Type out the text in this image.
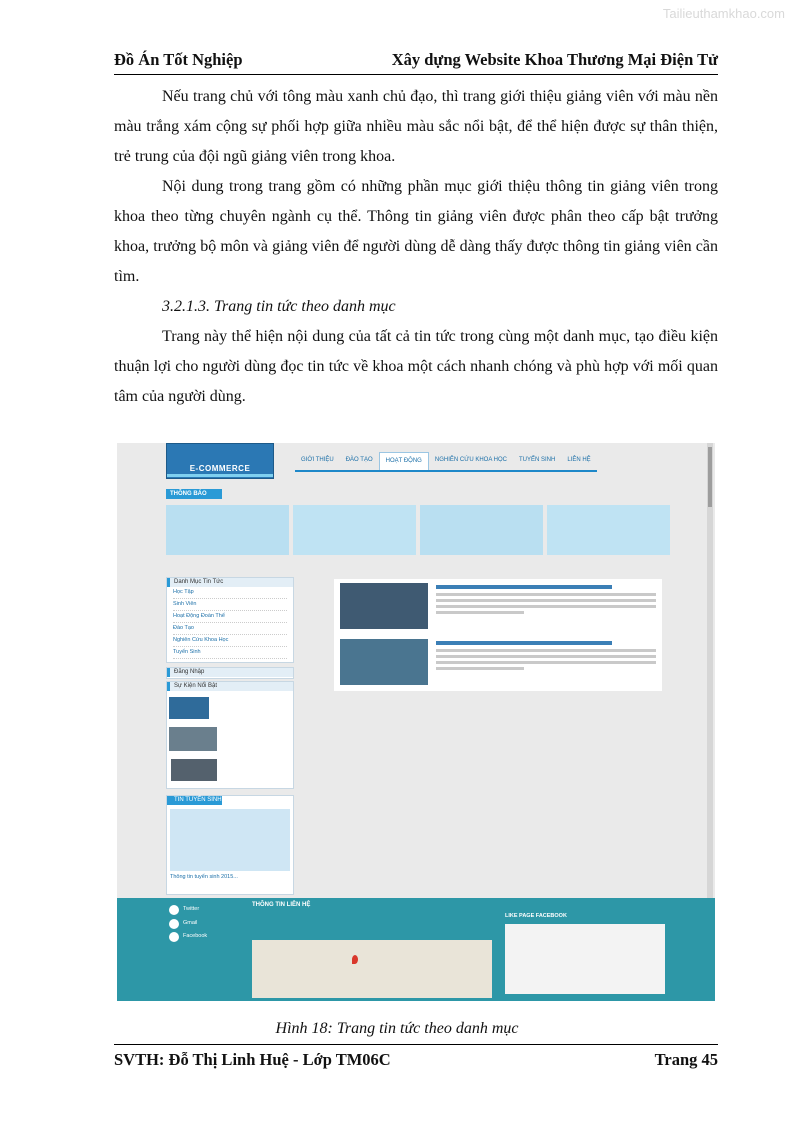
Tailieuthamkhao.com
Đồ Án Tốt Nghiệp	Xây dựng Website Khoa Thương Mại Điện Tử

Nếu trang chủ với tông màu xanh chủ đạo, thì trang giới thiệu giảng viên với màu nền màu trắng xám cộng sự phối hợp giữa nhiều màu sắc nổi bật, để thể hiện được sự thân thiện, trẻ trung của đội ngũ giảng viên trong khoa.

Nội dung trong trang gồm có những phần mục giới thiệu thông tin giảng viên trong khoa theo từng chuyên ngành cụ thể. Thông tin giảng viên được phân theo cấp bật trưởng khoa, trưởng bộ môn và giảng viên để người dùng dễ dàng thấy được thông tin giảng viên cần tìm.

3.2.1.3. Trang tin tức theo danh mục

Trang này thể hiện nội dung của tất cả tin tức trong cùng một danh mục, tạo điều kiện thuận lợi cho người dùng đọc tin tức về khoa một cách nhanh chóng và phù hợp với mối quan tâm của người dùng.

E-COMMERCE
GIỚI THIỆU	ĐÀO TẠO	HOẠT ĐỘNG	NGHIÊN CỨU KHOA HỌC	TUYỂN SINH	LIÊN HỆ
THÔNG BÁO
Danh Mục Tin Tức
Học Tập
Sinh Viên
Hoạt Động Đoàn Thể
Đào Tạo
Nghiên Cứu Khoa Học
Tuyển Sinh
Đăng Nhập
Sự Kiện Nổi Bật
TIN TUYỂN SINH
Thông tin tuyển sinh 2015...
Twitter
Gmail
Facebook
THÔNG TIN LIÊN HỆ
LIKE PAGE FACEBOOK
Hình 18: Trang tin tức theo danh mục
SVTH: Đỗ Thị Linh Huệ - Lớp TM06C	Trang 45
